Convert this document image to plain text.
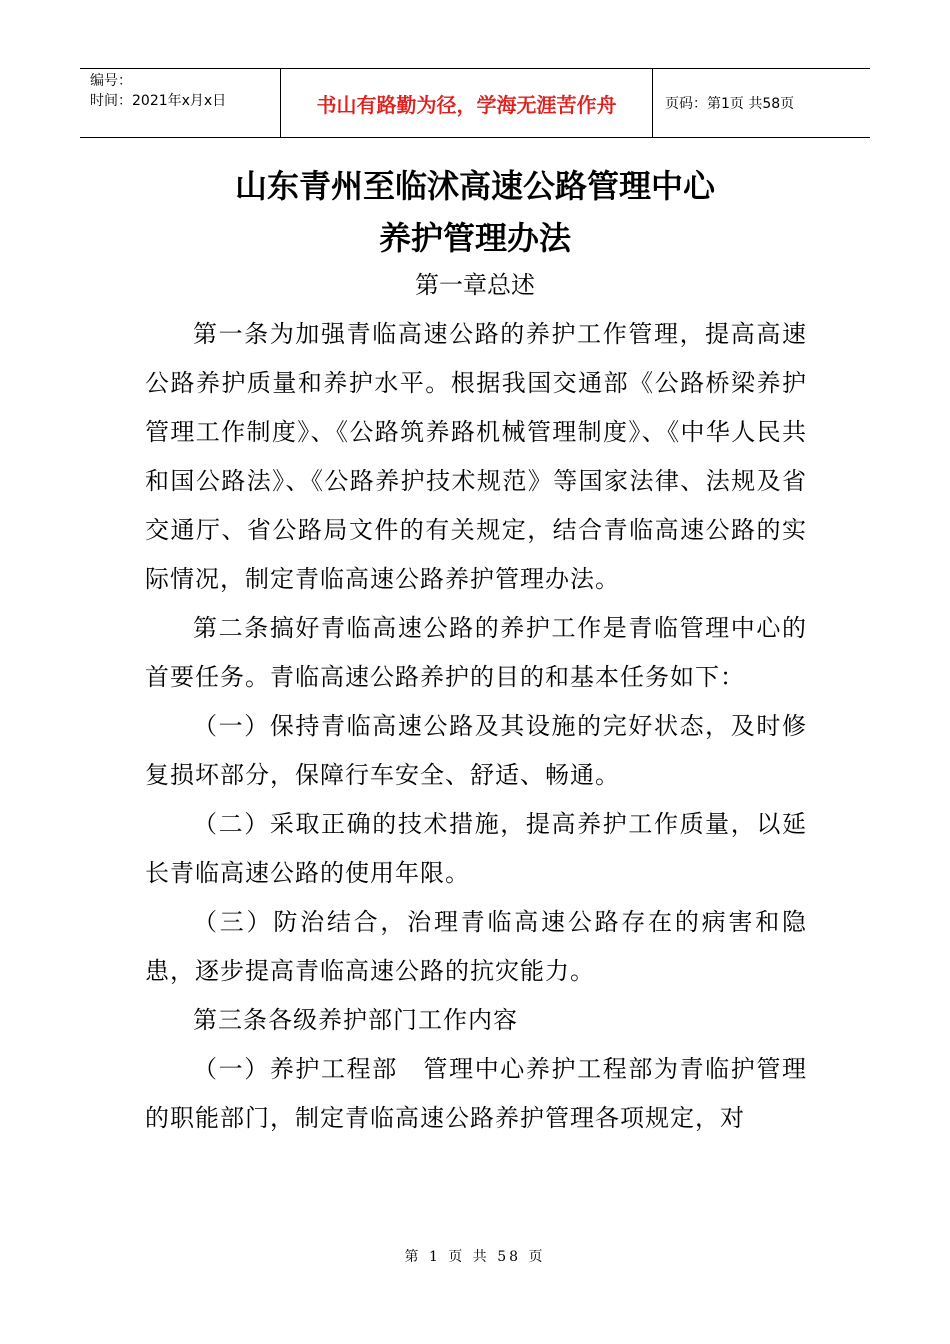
编号：
时间：2021年x月x日	书山有路勤为径，学海无涯苦作舟	页码：第1页 共58页
山东青州至临沭高速公路管理中心
养护管理办法
第一章总述

第一条为加强青临高速公路的养护工作管理，提高高速公路养护质量和养护水平。根据我国交通部《公路桥梁养护管理工作制度》、《公路筑养路机械管理制度》、《中华人民共和国公路法》、《公路养护技术规范》等国家法律、法规及省交通厅、省公路局文件的有关规定，结合青临高速公路的实际情况，制定青临高速公路养护管理办法。

第二条搞好青临高速公路的养护工作是青临管理中心的首要任务。青临高速公路养护的目的和基本任务如下：

（一）保持青临高速公路及其设施的完好状态，及时修复损坏部分，保障行车安全、舒适、畅通。

（二）采取正确的技术措施，提高养护工作质量，以延长青临高速公路的使用年限。

（三）防治结合，治理青临高速公路存在的病害和隐患，逐步提高青临高速公路的抗灾能力。

第三条各级养护部门工作内容

（一）养护工程部　管理中心养护工程部为青临护管理的职能部门，制定青临高速公路养护管理各项规定，对

第 1 页 共 58 页
